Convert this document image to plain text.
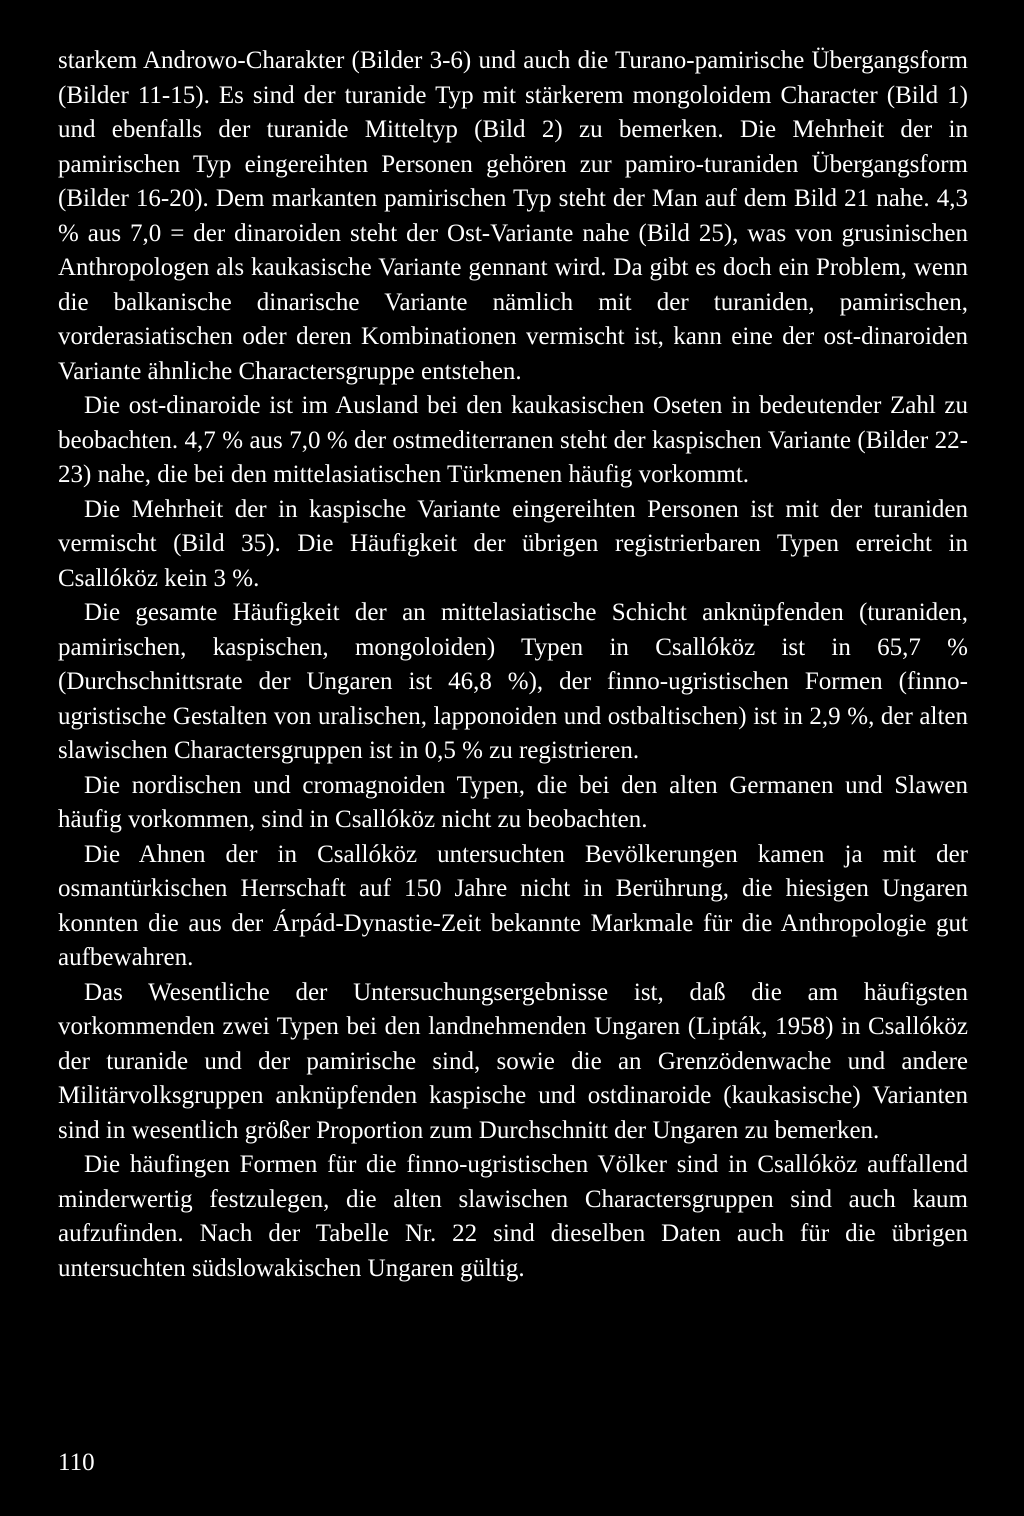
starkem Androwo-Charakter (Bilder 3-6) und auch die Turano-pamirische Übergangsform (Bilder 11-15). Es sind der turanide Typ mit stärkerem mongoloidem Character (Bild 1) und ebenfalls der turanide Mitteltyp (Bild 2) zu bemerken. Die Mehrheit der in pamirischen Typ eingereihten Personen gehören zur pamiro-turaniden Übergangsform (Bilder 16-20). Dem markanten pamirischen Typ steht der Man auf dem Bild 21 nahe. 4,3 % aus 7,0 = der dinaroiden steht der Ost-Variante nahe (Bild 25), was von grusinischen Anthropologen als kaukasische Variante gennant wird. Da gibt es doch ein Problem, wenn die balkanische dinarische Variante nämlich mit der turaniden, pamirischen, vorderasiatischen oder deren Kombinationen vermischt ist, kann eine der ost-dinaroiden Variante ähnliche Charactersgruppe entstehen.

Die ost-dinaroide ist im Ausland bei den kaukasischen Oseten in bedeutender Zahl zu beobachten. 4,7 % aus 7,0 % der ostmediterranen steht der kaspischen Variante (Bilder 22-23) nahe, die bei den mittelasiatischen Türkmenen häufig vorkommt.

Die Mehrheit der in kaspische Variante eingereihten Personen ist mit der turaniden vermischt (Bild 35). Die Häufigkeit der übrigen registrierbaren Typen erreicht in Csallóköz kein 3 %.

Die gesamte Häufigkeit der an mittelasiatische Schicht anknüpfenden (turaniden, pamirischen, kaspischen, mongoloiden) Typen in Csallóköz ist in 65,7 % (Durchschnittsrate der Ungaren ist 46,8 %), der finno-ugristischen Formen (finno-ugristische Gestalten von uralischen, lapponoiden und ostbaltischen) ist in 2,9 %, der alten slawischen Charactersgruppen ist in 0,5 % zu registrieren.

Die nordischen und cromagnoiden Typen, die bei den alten Germanen und Slawen häufig vorkommen, sind in Csallóköz nicht zu beobachten.

Die Ahnen der in Csallóköz untersuchten Bevölkerungen kamen ja mit der osmantürkischen Herrschaft auf 150 Jahre nicht in Berührung, die hiesigen Ungaren konnten die aus der Árpád-Dynastie-Zeit bekannte Markmale für die Anthropologie gut aufbewahren.

Das Wesentliche der Untersuchungsergebnisse ist, daß die am häufigsten vorkommenden zwei Typen bei den landnehmenden Ungaren (Lipták, 1958) in Csallóköz der turanide und der pamirische sind, sowie die an Grenzödenwache und andere Militärvolksgruppen anknüpfenden kaspische und ostdinaroide (kaukasische) Varianten sind in wesentlich größer Proportion zum Durchschnitt der Ungaren zu bemerken.

Die häufingen Formen für die finno-ugristischen Völker sind in Csallóköz auffallend minderwertig festzulegen, die alten slawischen Charactersgruppen sind auch kaum aufzufinden. Nach der Tabelle Nr. 22 sind dieselben Daten auch für die übrigen untersuchten südslowakischen Ungaren gültig.

110
